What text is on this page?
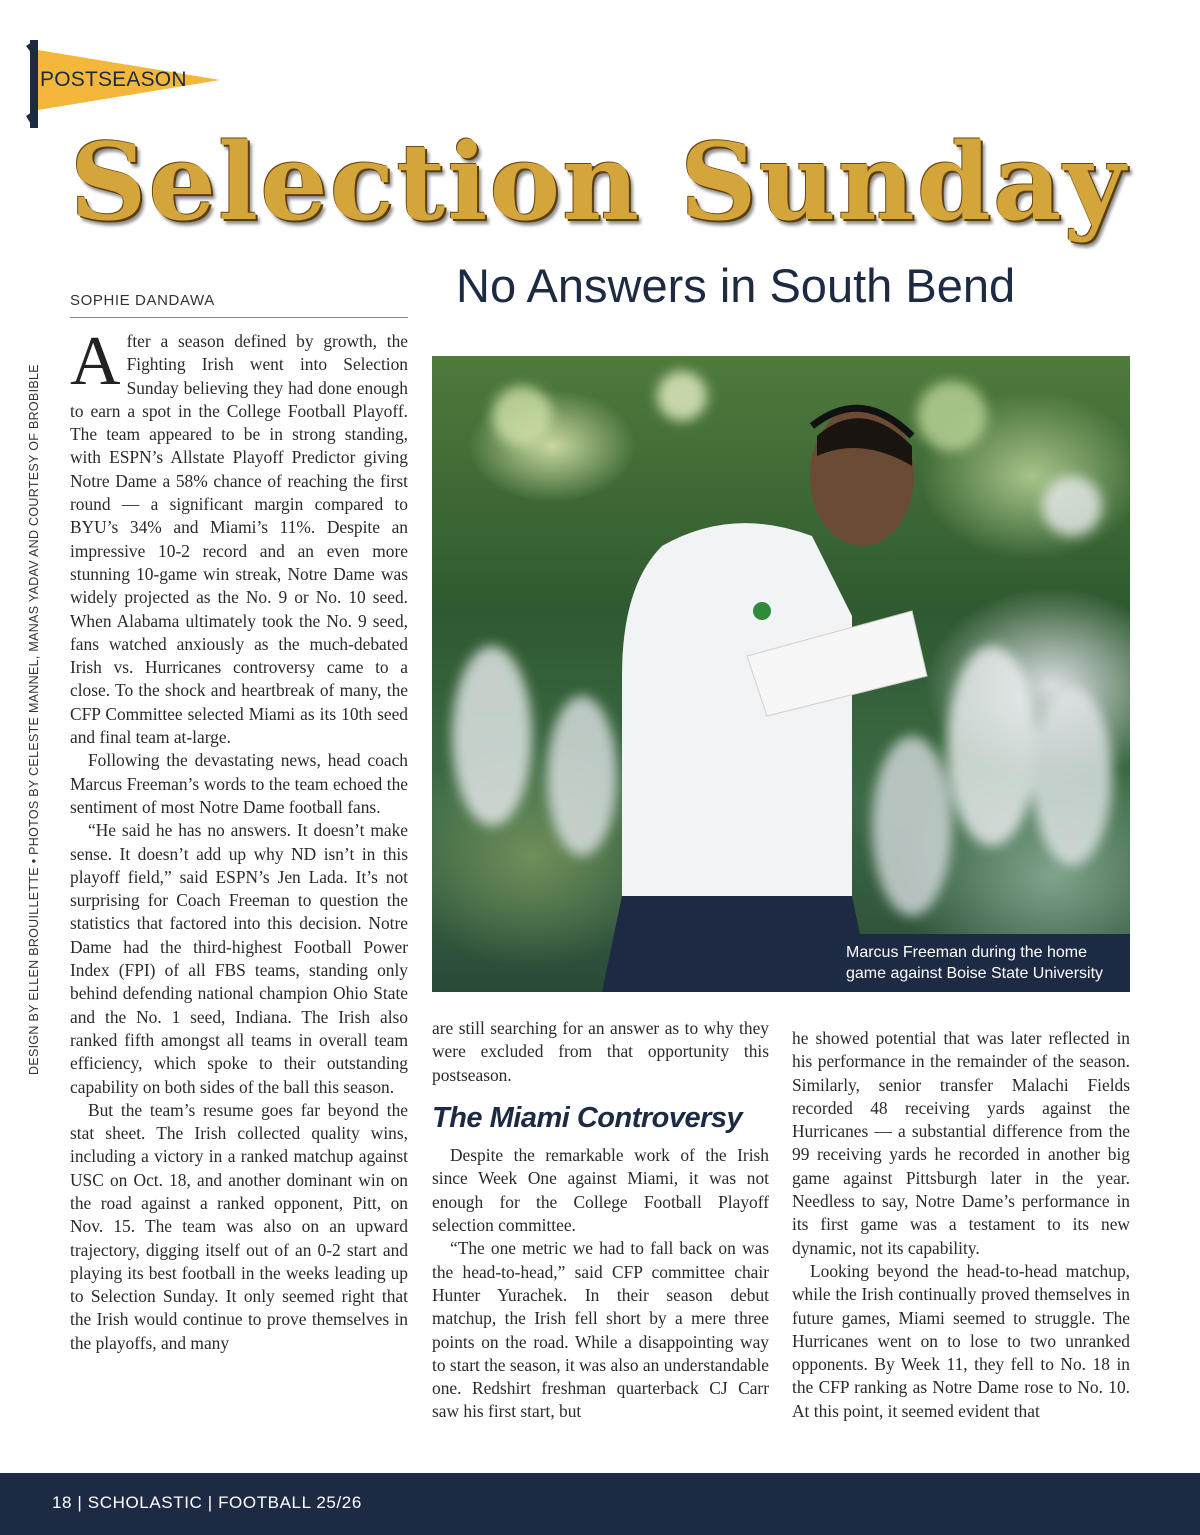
POSTSEASON
Selection Sunday
No Answers in South Bend
SOPHIE DANDAWA
DESIGN BY ELLEN BROUILLETTE • PHOTOS BY CELESTE MANNEL, MANAS YADAV AND COURTESY OF BROBIBLE

After a season defined by growth, the Fighting Irish went into Selection Sunday believing they had done enough to earn a spot in the College Football Playoff. The team appeared to be in strong standing, with ESPN’s Allstate Playoff Predictor giving Notre Dame a 58% chance of reaching the first round — a significant margin compared to BYU’s 34% and Miami’s 11%. Despite an impressive 10-2 record and an even more stunning 10-game win streak, Notre Dame was widely projected as the No. 9 or No. 10 seed. When Alabama ultimately took the No. 9 seed, fans watched anxiously as the much-debated Irish vs. Hurricanes controversy came to a close. To the shock and heartbreak of many, the CFP Committee selected Miami as its 10th seed and final team at-large.

Following the devastating news, head coach Marcus Freeman’s words to the team echoed the sentiment of most Notre Dame football fans.

“He said he has no answers. It doesn’t make sense. It doesn’t add up why ND isn’t in this playoff field,” said ESPN’s Jen Lada. It’s not surprising for Coach Freeman to question the statistics that factored into this decision. Notre Dame had the third-highest Football Power Index (FPI) of all FBS teams, standing only behind defending national champion Ohio State and the No. 1 seed, Indiana. The Irish also ranked fifth amongst all teams in overall team efficiency, which spoke to their outstanding capability on both sides of the ball this season.

But the team’s resume goes far beyond the stat sheet. The Irish collected quality wins, including a victory in a ranked matchup against USC on Oct. 18, and another dominant win on the road against a ranked opponent, Pitt, on Nov. 15. The team was also on an upward trajectory, digging itself out of an 0-2 start and playing its best football in the weeks leading up to Selection Sunday. It only seemed right that the Irish would continue to prove themselves in the playoffs, and many

Marcus Freeman during the home game against Boise State University

are still searching for an answer as to why they were excluded from that opportunity this postseason.

The Miami Controversy

Despite the remarkable work of the Irish since Week One against Miami, it was not enough for the College Football Playoff selection committee.

“The one metric we had to fall back on was the head-to-head,” said CFP committee chair Hunter Yurachek. In their season debut matchup, the Irish fell short by a mere three points on the road. While a disappointing way to start the season, it was also an understandable one. Redshirt freshman quarterback CJ Carr saw his first start, but

he showed potential that was later reflected in his performance in the remainder of the season. Similarly, senior transfer Malachi Fields recorded 48 receiving yards against the Hurricanes — a substantial difference from the 99 receiving yards he recorded in another big game against Pittsburgh later in the year. Needless to say, Notre Dame’s performance in its first game was a testament to its new dynamic, not its capability.

Looking beyond the head-to-head matchup, while the Irish continually proved themselves in future games, Miami seemed to struggle. The Hurricanes went on to lose to two unranked opponents. By Week 11, they fell to No. 18 in the CFP ranking as Notre Dame rose to No. 10. At this point, it seemed evident that

18 | SCHOLASTIC | FOOTBALL 25/26
